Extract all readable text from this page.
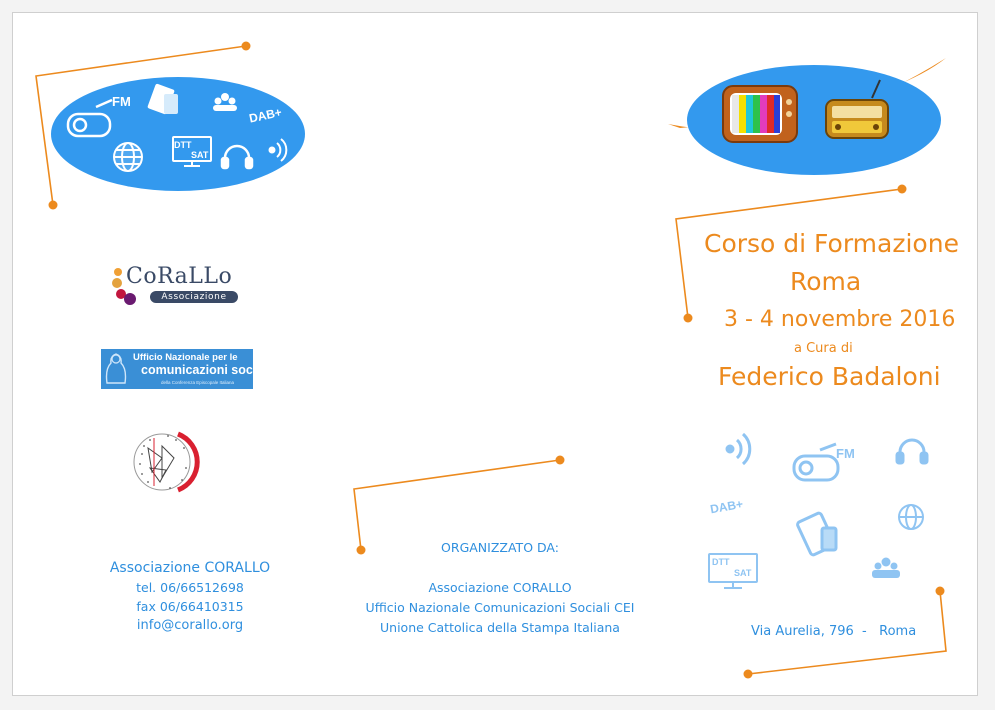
FM
DAB+
DTT
SAT
CoRaLLo
Associazione
Ufficio Nazionale per le
comunicazioni sociali
della Conferenza Episcopale Italiana
Associazione CORALLO
tel. 06/66512698
fax 06/66410315
info@corallo.org
ORGANIZZATO DA:
Associazione CORALLO
Ufficio Nazionale Comunicazioni Sociali CEI
Unione Cattolica della Stampa Italiana
Corso di Formazione
Roma
3 - 4 novembre 2016
a Cura di
Federico Badaloni
FM
DAB+
DTT
SAT
Via Aurelia, 796  -   Roma
